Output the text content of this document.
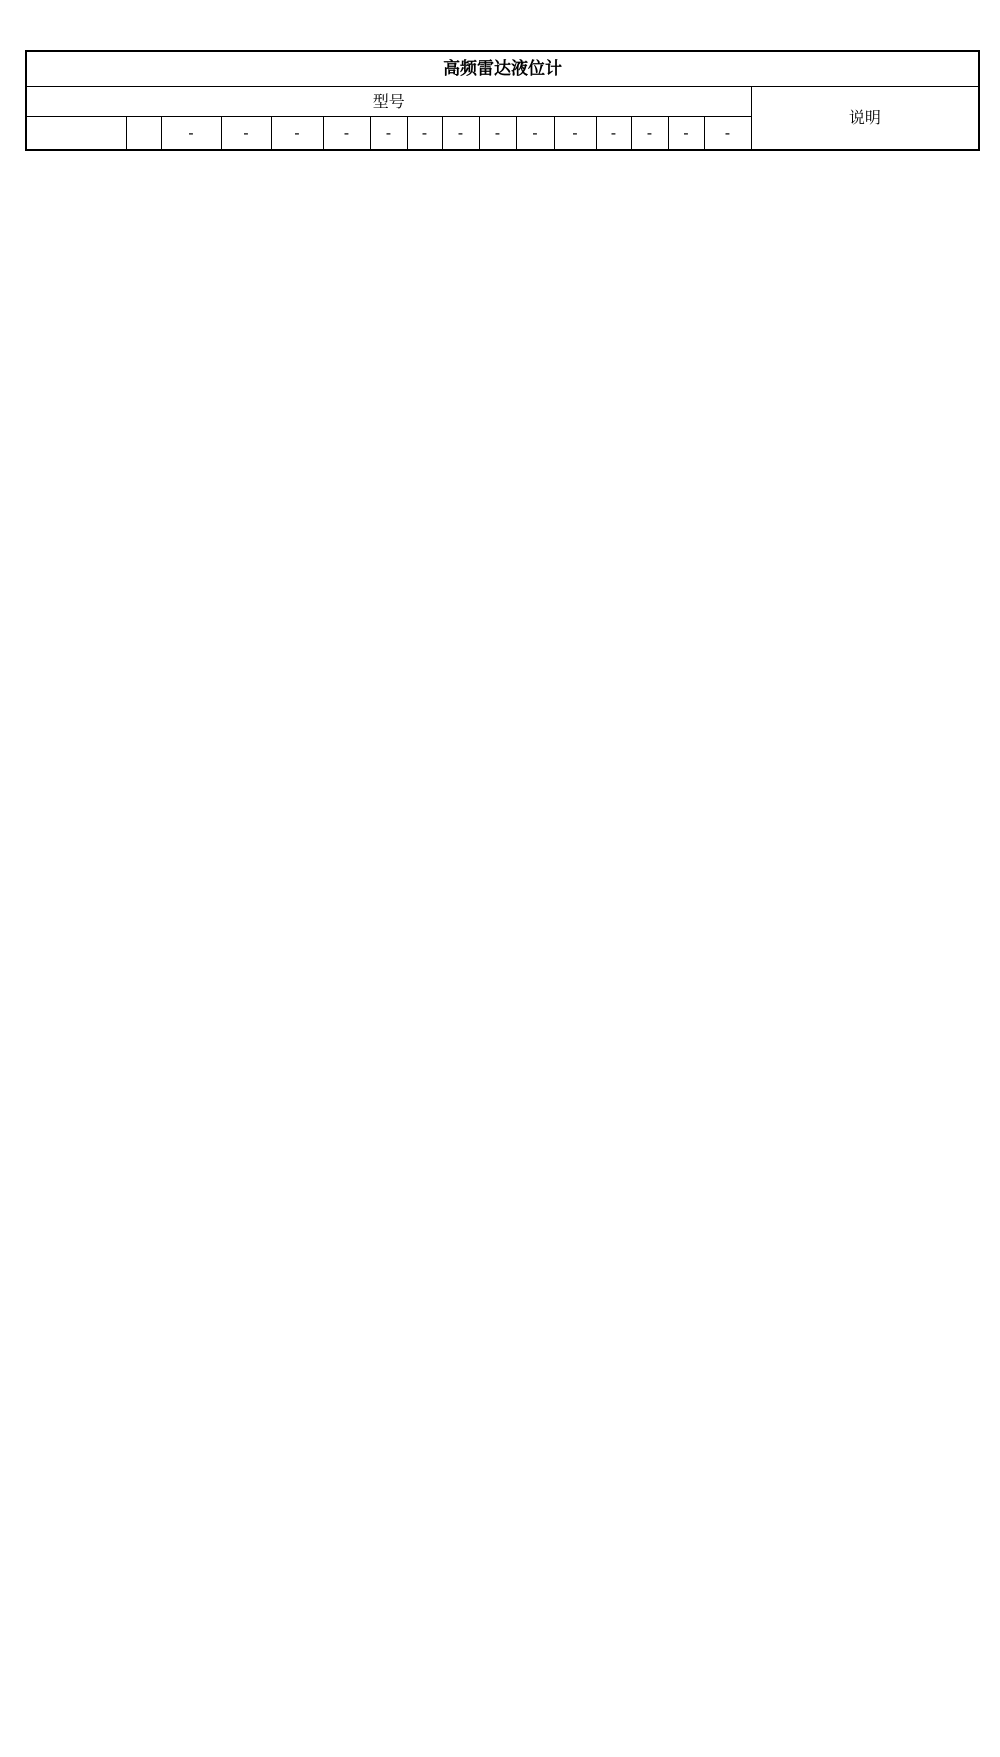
高频雷达液位计																
型号																说明
		-	-	-	-	-	-	-	-	-	-	-	-	-	-	
